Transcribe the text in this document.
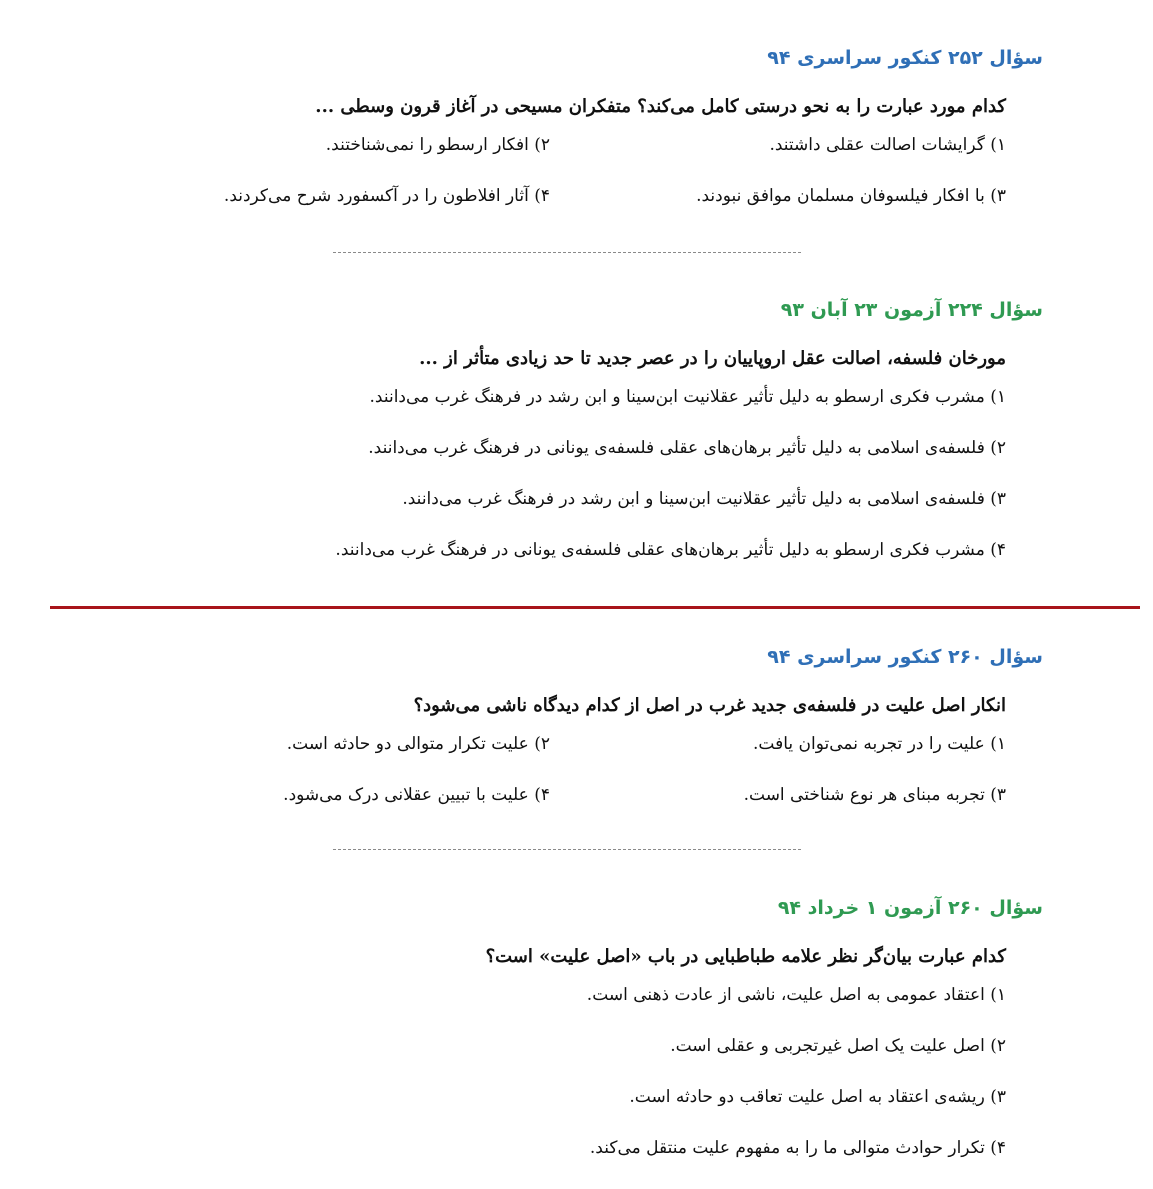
سؤال ۲۵۲ کنکور سراسری ۹۴
کدام مورد عبارت را به نحو درستی کامل می‌کند؟ متفکران مسیحی در آغاز قرون وسطی ...
۱) گرایشات اصالت عقلی داشتند.
۲) افکار ارسطو را نمی‌شناختند.
۳) با افکار فیلسوفان مسلمان موافق نبودند.
۴) آثار افلاطون را در آکسفورد شرح می‌کردند.
سؤال ۲۲۴ آزمون ۲۳ آبان ۹۳
مورخان فلسفه، اصالت عقل اروپاییان را در عصر جدید تا حد زیادی متأثر از ...
۱) مشرب فکری ارسطو به دلیل تأثیر عقلانیت ابن‌سینا و ابن رشد در فرهنگ غرب می‌دانند.
۲) فلسفه‌ی اسلامی به دلیل تأثیر برهان‌های عقلی فلسفه‌ی یونانی در فرهنگ غرب می‌دانند.
۳) فلسفه‌ی اسلامی به دلیل تأثیر عقلانیت ابن‌سینا و ابن رشد در فرهنگ غرب می‌دانند.
۴) مشرب فکری ارسطو به دلیل تأثیر برهان‌های عقلی فلسفه‌ی یونانی در فرهنگ غرب می‌دانند.
سؤال ۲۶۰ کنکور سراسری ۹۴
انکار اصل علیت در فلسفه‌ی جدید غرب در اصل از کدام دیدگاه ناشی می‌شود؟
۱) علیت را در تجربه نمی‌توان یافت.
۲) علیت تکرار متوالی دو حادثه است.
۳) تجربه مبنای هر نوع شناختی است.
۴) علیت با تبیین عقلانی درک می‌شود.
سؤال ۲۶۰ آزمون ۱ خرداد ۹۴
کدام عبارت بیان‌گر نظر علامه طباطبایی در باب «اصل علیت» است؟
۱) اعتقاد عمومی به اصل علیت، ناشی از عادت ذهنی است.
۲) اصل علیت یک اصل غیرتجربی و عقلی است.
۳) ریشه‌ی اعتقاد به اصل علیت تعاقب دو حادثه است.
۴) تکرار حوادث متوالی ما را به مفهوم علیت منتقل می‌کند.
